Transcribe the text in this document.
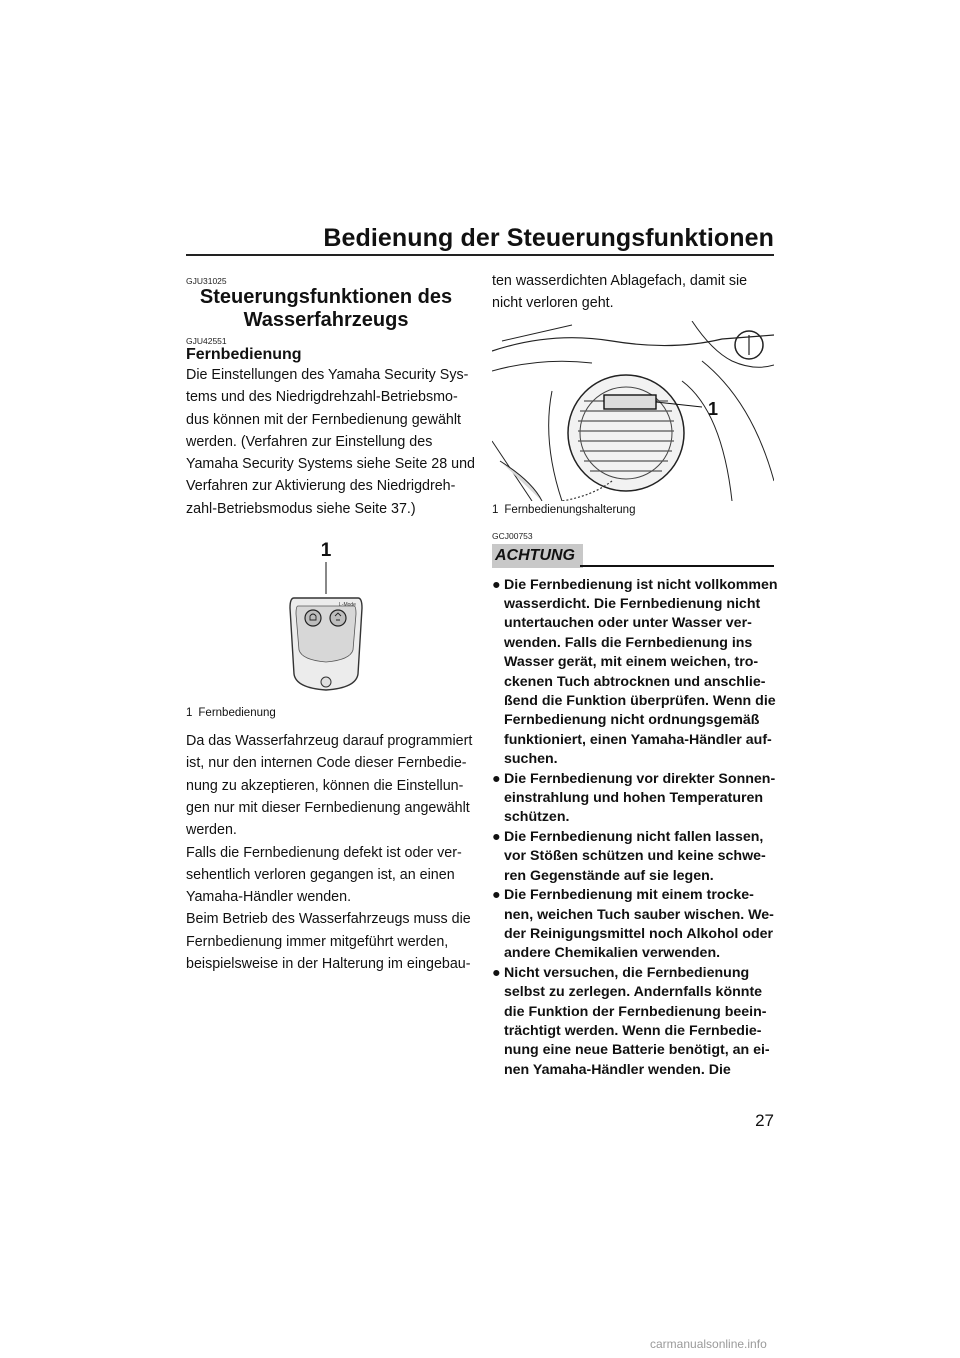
Bedienung der Steuerungsfunktionen

GJU31025

Steuerungsfunktionen des
Wasserfahrzeugs

GJU42551

Fernbedienung

Die Einstellungen des Yamaha Security Sys-
tems und des Niedrigdrehzahl-Betriebsmo-
dus können mit der Fernbedienung gewählt
werden. (Verfahren zur Einstellung des
Yamaha Security Systems siehe Seite 28 und
Verfahren zur Aktivierung des Niedrigdreh-
zahl-Betriebsmodus siehe Seite 37.)

1
L-Mode

1 Fernbedienung

Da das Wasserfahrzeug darauf programmiert
ist, nur den internen Code dieser Fernbedie-
nung zu akzeptieren, können die Einstellun-
gen nur mit dieser Fernbedienung angewählt
werden.
Falls die Fernbedienung defekt ist oder ver-
sehentlich verloren gegangen ist, an einen
Yamaha-Händler wenden.
Beim Betrieb des Wasserfahrzeugs muss die
Fernbedienung immer mitgeführt werden,
beispielsweise in der Halterung im eingebau-

ten wasserdichten Ablagefach, damit sie
nicht verloren geht.

1

1 Fernbedienungshalterung

GCJ00753

ACHTUNG
● Die Fernbedienung ist nicht vollkommen
wasserdicht. Die Fernbedienung nicht
untertauchen oder unter Wasser ver-
wenden. Falls die Fernbedienung ins
Wasser gerät, mit einem weichen, tro-
ckenen Tuch abtrocknen und anschlie-
ßend die Funktion überprüfen. Wenn die
Fernbedienung nicht ordnungsgemäß
funktioniert, einen Yamaha-Händler auf-
suchen.
● Die Fernbedienung vor direkter Sonnen-
einstrahlung und hohen Temperaturen
schützen.
● Die Fernbedienung nicht fallen lassen,
vor Stößen schützen und keine schwe-
ren Gegenstände auf sie legen.
● Die Fernbedienung mit einem trocke-
nen, weichen Tuch sauber wischen. We-
der Reinigungsmittel noch Alkohol oder
andere Chemikalien verwenden.
● Nicht versuchen, die Fernbedienung
selbst zu zerlegen. Andernfalls könnte
die Funktion der Fernbedienung beein-
trächtigt werden. Wenn die Fernbedie-
nung eine neue Batterie benötigt, an ei-
nen Yamaha-Händler wenden. Die
27
carmanualsonline.info
